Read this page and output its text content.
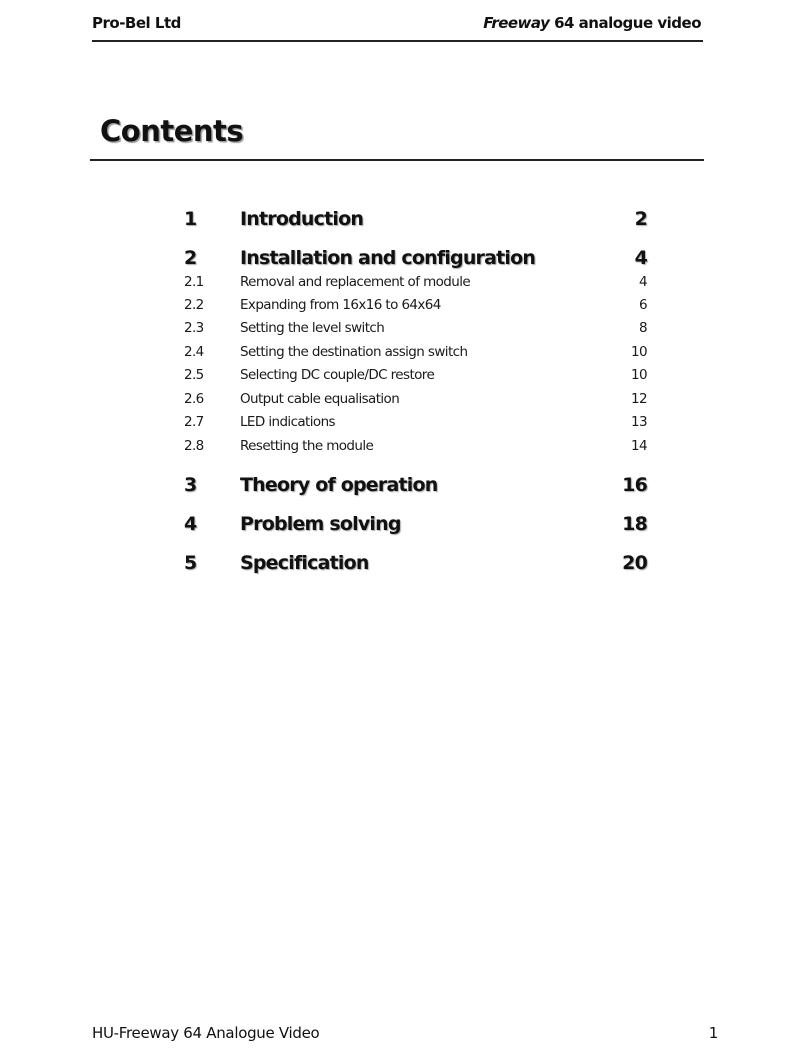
Pro-Bel Ltd	Freeway 64 analogue video
Contents
1 Introduction	2
2 Installation and configuration	4
2.1	Removal and replacement of module	4
2.2	Expanding from 16x16 to 64x64	6
2.3	Setting the level switch	8
2.4	Setting the destination assign switch	10
2.5	Selecting DC couple/DC restore	10
2.6	Output cable equalisation	12
2.7	LED indications	13
2.8	Resetting the module	14
3 Theory of operation	16
4 Problem solving	18
5 Specification	20
HU-Freeway 64 Analogue Video	1
